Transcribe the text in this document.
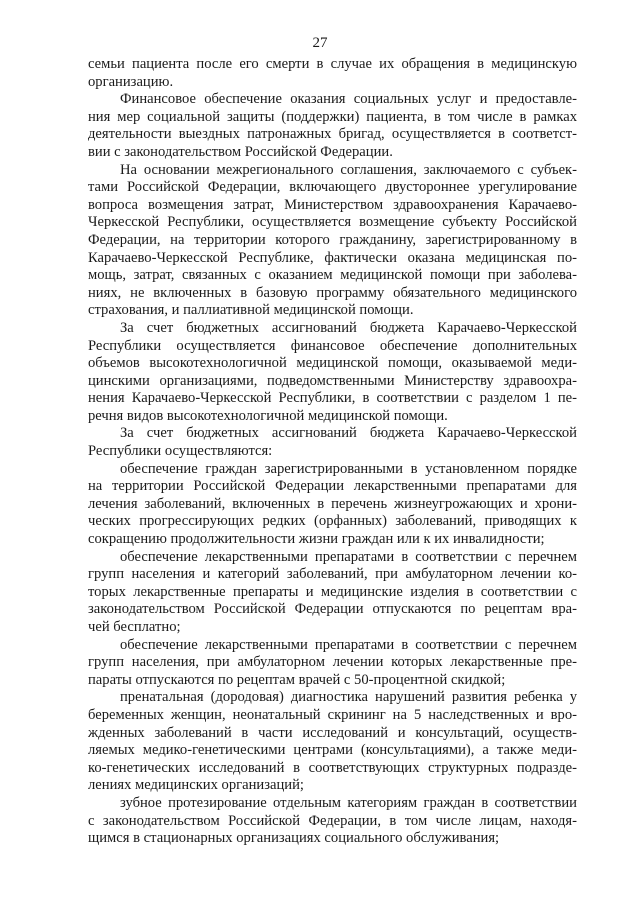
27
семьи пациента после его смерти в случае их обращения в медицинскую
организацию.
Финансовое обеспечение оказания социальных услуг и предоставле-
ния мер социальной защиты (поддержки) пациента, в том числе в рамках
деятельности выездных патронажных бригад, осуществляется в соответст-
вии с законодательством Российской Федерации.
На основании межрегионального соглашения, заключаемого с субъек-
тами Российской Федерации, включающего двустороннее урегулирование
вопроса возмещения затрат, Министерством здравоохранения Карачаево-
Черкесской Республики, осуществляется возмещение субъекту Российской
Федерации, на территории которого гражданину, зарегистрированному в
Карачаево-Черкесской Республике, фактически оказана медицинская по-
мощь, затрат, связанных с оказанием медицинской помощи при заболева-
ниях, не включенных в базовую программу обязательного медицинского
страхования, и паллиативной медицинской помощи.
За счет бюджетных ассигнований бюджета Карачаево-Черкесской
Республики осуществляется финансовое обеспечение дополнительных
объемов высокотехнологичной медицинской помощи, оказываемой меди-
цинскими организациями, подведомственными Министерству здравоохра-
нения Карачаево-Черкесской Республики, в соответствии с разделом 1 пе-
речня видов высокотехнологичной медицинской помощи.
За счет бюджетных ассигнований бюджета Карачаево-Черкесской
Республики осуществляются:
обеспечение граждан зарегистрированными в установленном порядке
на территории Российской Федерации лекарственными препаратами для
лечения заболеваний, включенных в перечень жизнеугрожающих и хрони-
ческих прогрессирующих редких (орфанных) заболеваний, приводящих к
сокращению продолжительности жизни граждан или к их инвалидности;
обеспечение лекарственными препаратами в соответствии с перечнем
групп населения и категорий заболеваний, при амбулаторном лечении ко-
торых лекарственные препараты и медицинские изделия в соответствии с
законодательством Российской Федерации отпускаются по рецептам вра-
чей бесплатно;
обеспечение лекарственными препаратами в соответствии с перечнем
групп населения, при амбулаторном лечении которых лекарственные пре-
параты отпускаются по рецептам врачей с 50-процентной скидкой;
пренатальная (дородовая) диагностика нарушений развития ребенка у
беременных женщин, неонатальный скрининг на 5 наследственных и вро-
жденных заболеваний в части исследований и консультаций, осуществ-
ляемых медико-генетическими центрами (консультациями), а также меди-
ко-генетических исследований в соответствующих структурных подразде-
лениях медицинских организаций;
зубное протезирование отдельным категориям граждан в соответствии
с законодательством Российской Федерации, в том числе лицам, находя-
щимся в стационарных организациях социального обслуживания;
